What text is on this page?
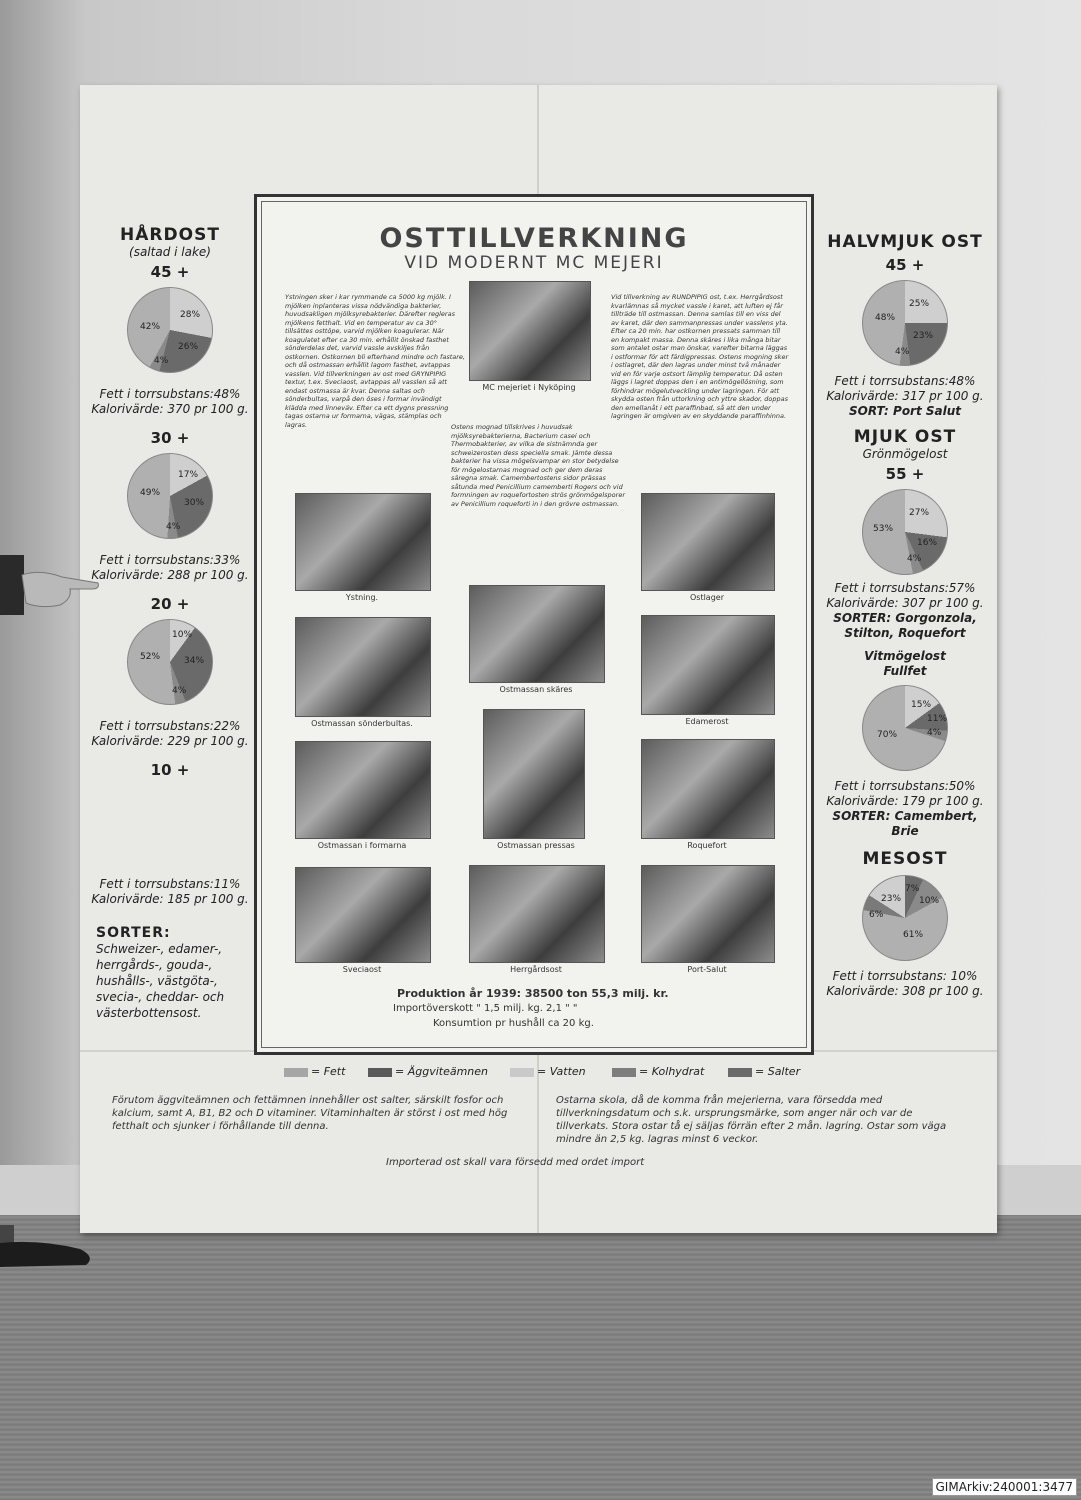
HÅRDOST
(saltad i lake)
45 +
42%
28%
26%
4%
Fett i torrsubstans:48%
Kalorivärde: 370 pr 100 g.
30 +
49%
17%
30%
4%
Fett i torrsubstans:33%
Kalorivärde: 288 pr 100 g.
20 +
52%
10%
34%
4%
Fett i torrsubstans:22%
Kalorivärde: 229 pr 100 g.
10 +
Fett i torrsubstans:11%
Kalorivärde: 185 pr 100 g.
SORTER:
Schweizer-, edamer-,
herrgårds-, gouda-,
hushålls-, västgöta-,
svecia-, cheddar- och
västerbottensost.
HALVMJUK OST
45 +
48%
25%
23%
4%
Fett i torrsubstans:48%
Kalorivärde: 317 pr 100 g.
SORT: Port Salut
MJUK OST
Grönmögelost
55 +
53%
27%
16%
4%
Fett i torrsubstans:57%
Kalorivärde: 307 pr 100 g.
SORTER: Gorgonzola,
Stilton, Roquefort
Vitmögelost
Fullfet
70%
15%
11%
4%
Fett i torrsubstans:50%
Kalorivärde: 179 pr 100 g.
SORTER: Camembert, Brie
MESOST
23%
7%
10%
6%
61%
Fett i torrsubstans: 10%
Kalorivärde: 308 pr 100 g.
OSTTILLVERKNING
VID MODERNT MC MEJERI
Ystningen sker i kar rymmande ca 5000 kg mjölk. I mjölken inplanteras vissa nödvändiga bakterier, huvudsakligen mjölksyrebakterier. Därefter regleras mjölkens fetthalt. Vid en temperatur av ca 30° tillsättes osttöpe, varvid mjölken koagulerar. När koagulatet efter ca 30 min. erhållit önskad fasthet sönderdelas det, varvid vassle avskiljes från ostkornen. Ostkornen bli efterhand mindre och fastare, och då ostmassan erhållit lagom fasthet, avtappas vasslen. Vid tillverkningen av ost med GRYNPIPIG textur, t.ex. Sveciaost, avtappas all vasslen så att endast ostmassa är kvar. Denna saltas och sönderbultas, varpå den öses i formar invändigt klädda med linneväv. Efter ca ett dygns pressning tagas ostarna ur formarna, vägas, stämplas och lagras.
MC mejeriet i Nyköping
Vid tillverkning av RUNDPIPIG ost, t.ex. Herrgårdsost kvarlämnas så mycket vassle i karet, att luften ej får tillträde till ostmassan. Denna samlas till en viss del av karet, där den sammanpressas under vasslens yta. Efter ca 20 min. har ostkornen pressats samman till en kompakt massa. Denna skäres i lika många bitar som antalet ostar man önskar, varefter bitarna läggas i ostformar för att färdigpressas. Ostens mogning sker i ostlagret, där den lagras under minst två månader vid en för varje ostsort lämplig temperatur. Då osten läggs i lagret doppas den i en antimögellösning, som förhindrar mögelutveckling under lagringen. För att skydda osten från uttorkning och yttre skador, doppas den emellanåt i ett paraffinbad, så att den under lagringen är omgiven av en skyddande paraffinhinna.
Ostens mognad tillskrives i huvudsak mjölksyrebakterierna, Bacterium casei och Thermobakterier, av vilka de sistnämnda ger schweizerosten dess speciella smak. Jämte dessa bakterier ha vissa mögelsvampar en stor betydelse för mögelostarnas mognad och ger dem deras säregna smak. Camembertostens sidor prässas såtunda med Penicillium camemberti Rogers och vid formningen av roquefortosten strös grönmögelsporer av Penicillium roqueforti in i den grövre ostmassan.
Ystning.	Ostlager
Ostmassan skäres
Ostmassan sönderbultas.	Edamerost
Ostmassan i formarna	Ostmassan pressas	Roquefort
Sveciaost	Herrgårdsost	Port-Salut
Produktion år 1939: 38500 ton 55,3 milj. kr.
Importöverskott " 1,5 milj. kg. 2,1 " "
Konsumtion pr hushåll ca 20 kg.
= Fett	= Äggviteämnen	= Vatten	= Kolhydrat	= Salter
Förutom äggviteämnen och fettämnen innehåller ost salter, särskilt fosfor och kalcium, samt A, B1, B2 och D vitaminer. Vitaminhalten är störst i ost med hög fetthalt och sjunker i förhållande till denna.
Ostarna skola, då de komma från mejerierna, vara försedda med tillverkningsdatum och s.k. ursprungsmärke, som anger när och var de tillverkats. Stora ostar tå ej säljas förrän efter 2 mån. lagring. Ostar som väga mindre än 2,5 kg. lagras minst 6 veckor.
Importerad ost skall vara försedd med ordet import
GIMArkiv:240001:3477
